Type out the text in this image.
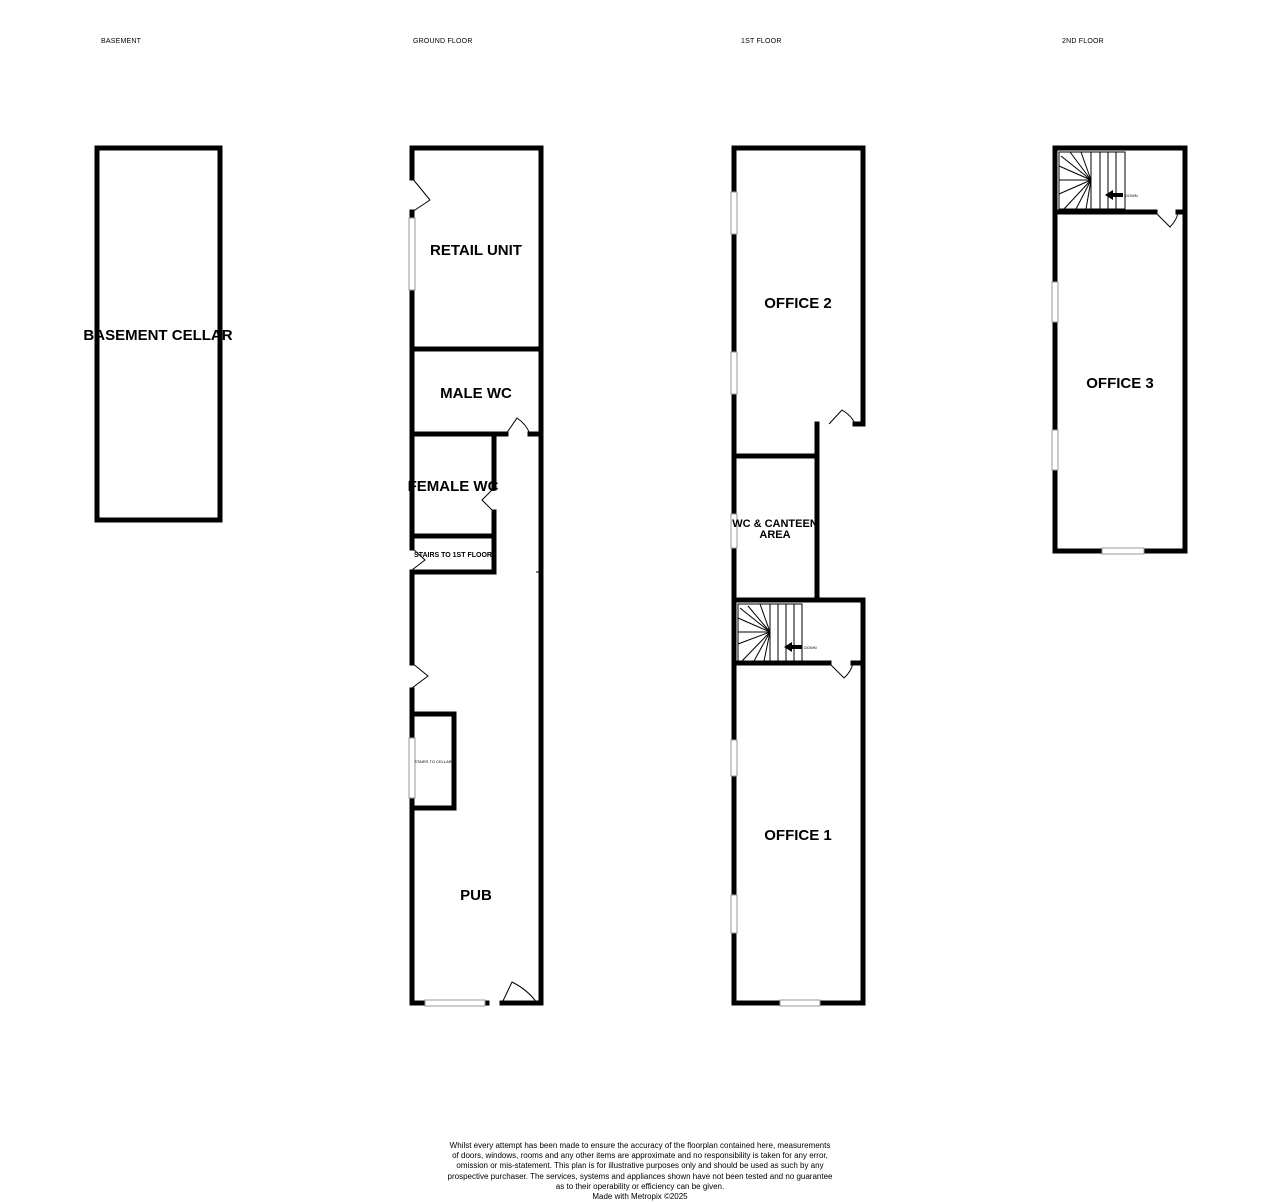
BASEMENT	GROUND FLOOR	1ST FLOOR	2ND FLOOR
BASEMENT CELLAR
RETAIL UNIT
MALE WC
FEMALE WC
STAIRS TO 1ST FLOOR
STAIRS TO CELLAR
PUB
DOWN
OFFICE 2
WC & CANTEEN
AREA
OFFICE 1
DOWN
OFFICE 3
Whilst every attempt has been made to ensure the accuracy of the floorplan contained here, measurements
of doors, windows, rooms and any other items are approximate and no responsibility is taken for any error,
omission or mis-statement. This plan is for illustrative purposes only and should be used as such by any
prospective purchaser. The services, systems and appliances shown have not been tested and no guarantee
as to their operability or efficiency can be given.
Made with Metropix ©2025
